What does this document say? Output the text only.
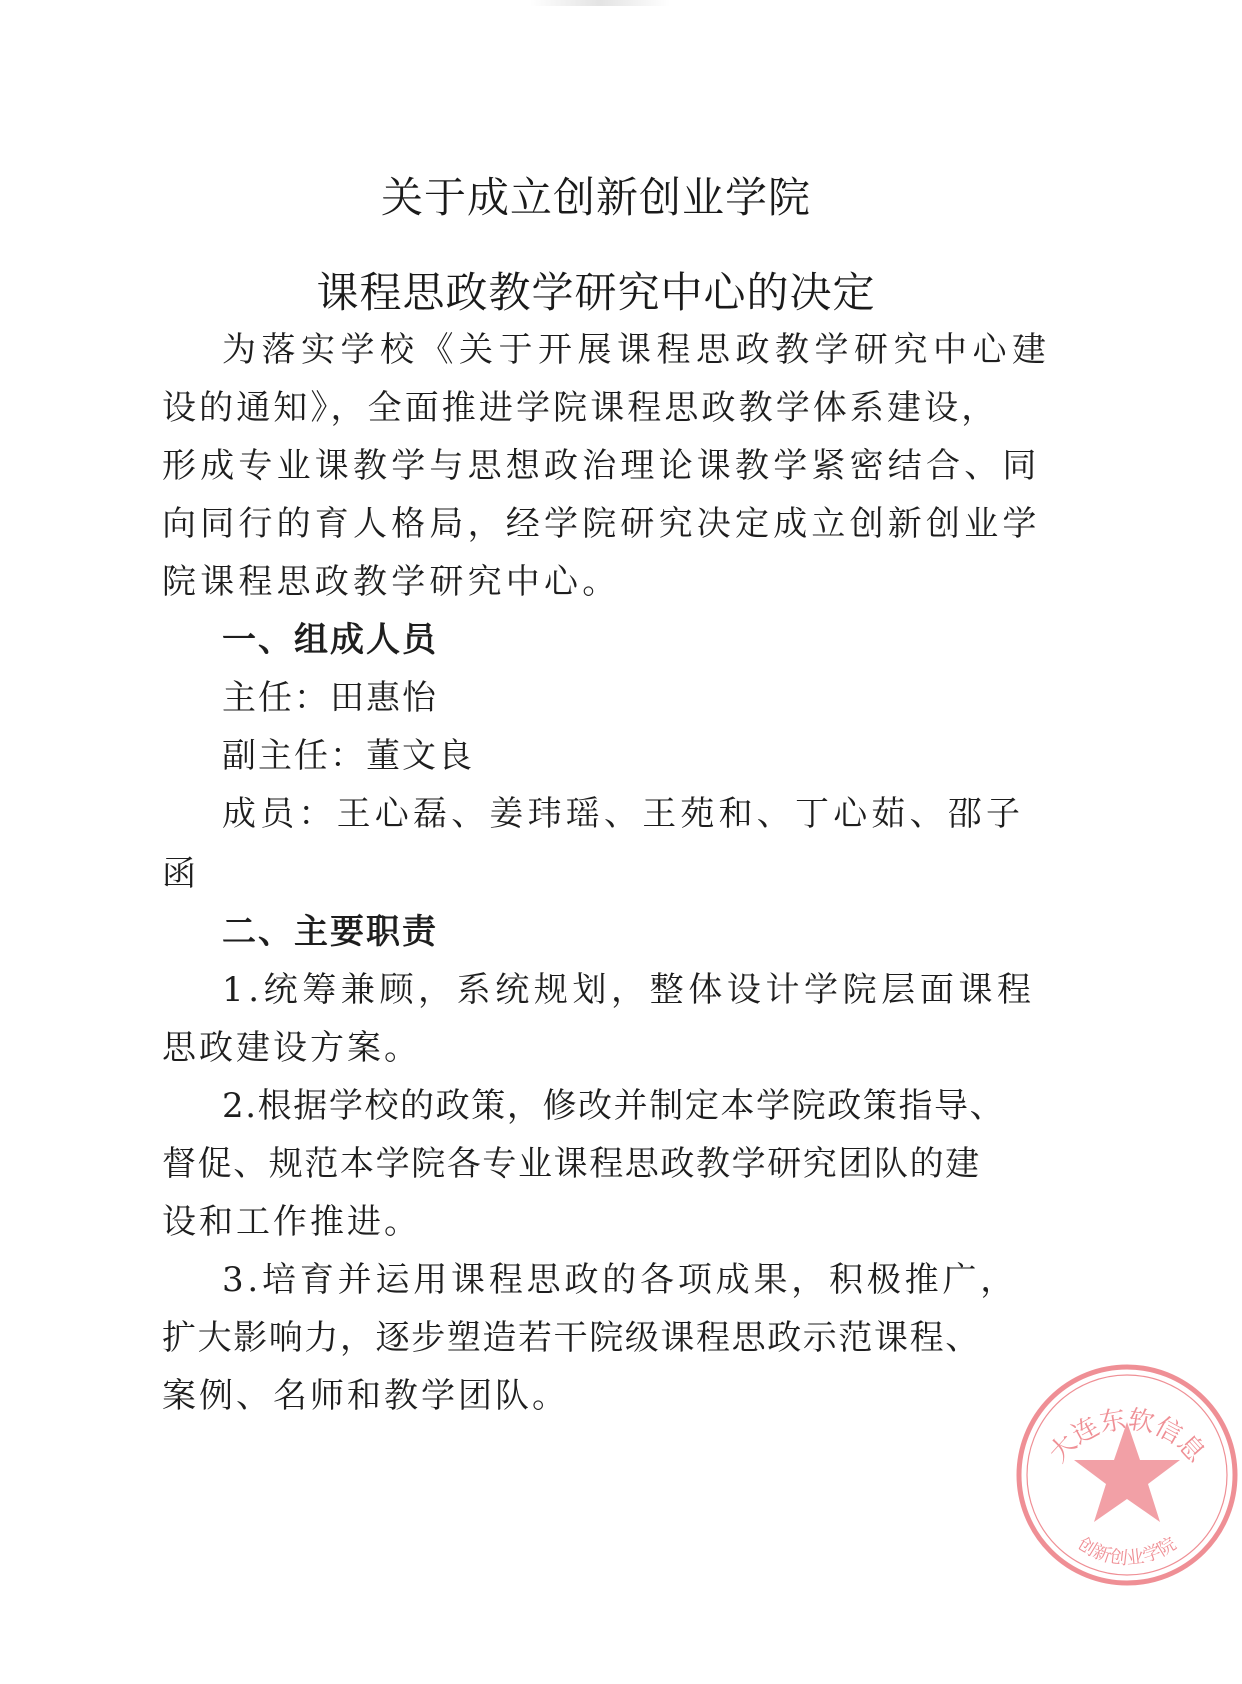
关于成立创新创业学院
课程思政教学研究中心的决定
为落实学校《关于开展课程思政教学研究中心建
设的通知》，全面推进学院课程思政教学体系建设，
形成专业课教学与思想政治理论课教学紧密结合、同
向同行的育人格局，经学院研究决定成立创新创业学
院课程思政教学研究中心。
一、组成人员
主任：田惠怡
副主任：董文良
成员：王心磊、姜玮瑶、王苑和、丁心茹、邵子
函
二、主要职责
1.统筹兼顾，系统规划，整体设计学院层面课程
思政建设方案。
2.根据学校的政策，修改并制定本学院政策指导、
督促、规范本学院各专业课程思政教学研究团队的建
设和工作推进。
3.培育并运用课程思政的各项成果，积极推广，
扩大影响力，逐步塑造若干院级课程思政示范课程、
案例、名师和教学团队。
大连东软信息
创新创业学院
